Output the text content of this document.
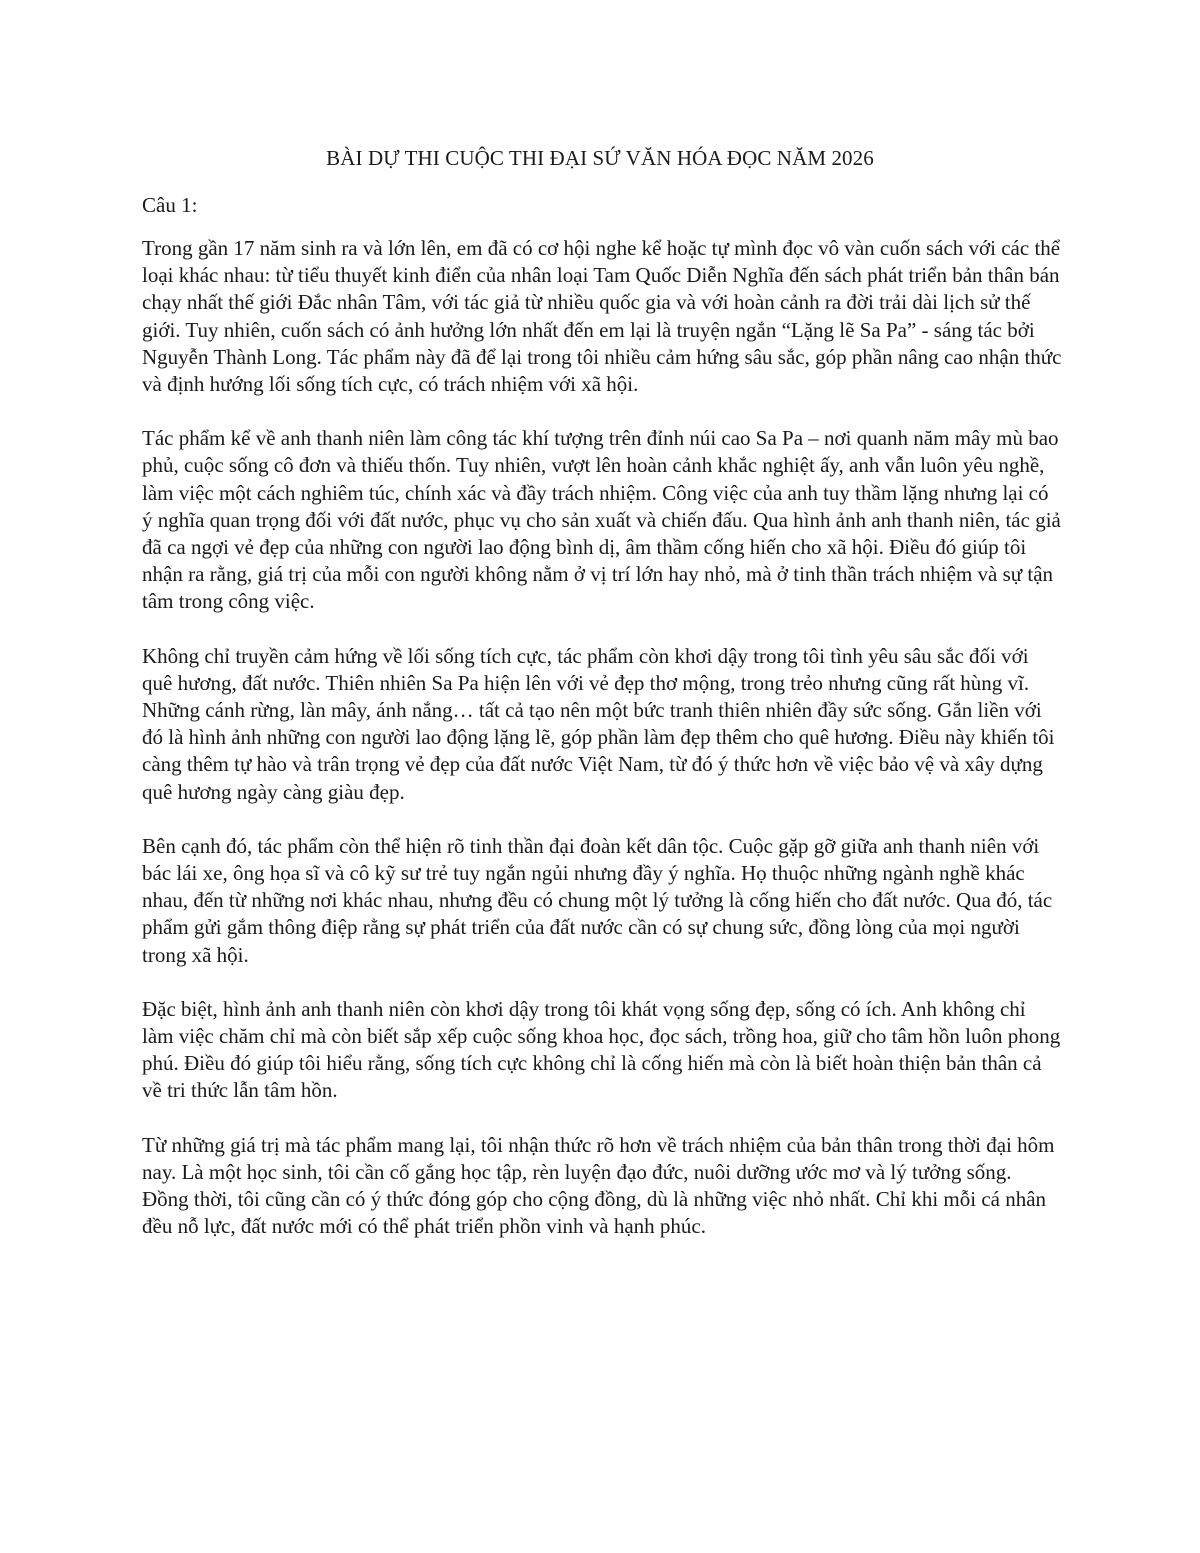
BÀI DỰ THI CUỘC THI ĐẠI SỨ VĂN HÓA ĐỌC NĂM 2026
Câu 1:

Trong gần 17 năm sinh ra và lớn lên, em đã có cơ hội nghe kể hoặc tự mình đọc vô vàn cuốn sách với các thể loại khác nhau: từ tiểu thuyết kinh điển của nhân loại Tam Quốc Diễn Nghĩa đến sách phát triển bản thân bán chạy nhất thế giới Đắc nhân Tâm, với tác giả từ nhiều quốc gia và với hoàn cảnh ra đời trải dài lịch sử thế giới. Tuy nhiên, cuốn sách có ảnh hưởng lớn nhất đến em lại là truyện ngắn “Lặng lẽ Sa Pa” - sáng tác bởi Nguyễn Thành Long. Tác phẩm này đã để lại trong tôi nhiều cảm hứng sâu sắc, góp phần nâng cao nhận thức và định hướng lối sống tích cực, có trách nhiệm với xã hội.

Tác phẩm kể về anh thanh niên làm công tác khí tượng trên đỉnh núi cao Sa Pa – nơi quanh năm mây mù bao phủ, cuộc sống cô đơn và thiếu thốn. Tuy nhiên, vượt lên hoàn cảnh khắc nghiệt ấy, anh vẫn luôn yêu nghề, làm việc một cách nghiêm túc, chính xác và đầy trách nhiệm. Công việc của anh tuy thầm lặng nhưng lại có ý nghĩa quan trọng đối với đất nước, phục vụ cho sản xuất và chiến đấu. Qua hình ảnh anh thanh niên, tác giả đã ca ngợi vẻ đẹp của những con người lao động bình dị, âm thầm cống hiến cho xã hội. Điều đó giúp tôi nhận ra rằng, giá trị của mỗi con người không nằm ở vị trí lớn hay nhỏ, mà ở tinh thần trách nhiệm và sự tận tâm trong công việc.

Không chỉ truyền cảm hứng về lối sống tích cực, tác phẩm còn khơi dậy trong tôi tình yêu sâu sắc đối với quê hương, đất nước. Thiên nhiên Sa Pa hiện lên với vẻ đẹp thơ mộng, trong trẻo nhưng cũng rất hùng vĩ. Những cánh rừng, làn mây, ánh nắng… tất cả tạo nên một bức tranh thiên nhiên đầy sức sống. Gắn liền với đó là hình ảnh những con người lao động lặng lẽ, góp phần làm đẹp thêm cho quê hương. Điều này khiến tôi càng thêm tự hào và trân trọng vẻ đẹp của đất nước Việt Nam, từ đó ý thức hơn về việc bảo vệ và xây dựng quê hương ngày càng giàu đẹp.

Bên cạnh đó, tác phẩm còn thể hiện rõ tinh thần đại đoàn kết dân tộc. Cuộc gặp gỡ giữa anh thanh niên với bác lái xe, ông họa sĩ và cô kỹ sư trẻ tuy ngắn ngủi nhưng đầy ý nghĩa. Họ thuộc những ngành nghề khác nhau, đến từ những nơi khác nhau, nhưng đều có chung một lý tưởng là cống hiến cho đất nước. Qua đó, tác phẩm gửi gắm thông điệp rằng sự phát triển của đất nước cần có sự chung sức, đồng lòng của mọi người trong xã hội.

Đặc biệt, hình ảnh anh thanh niên còn khơi dậy trong tôi khát vọng sống đẹp, sống có ích. Anh không chỉ làm việc chăm chỉ mà còn biết sắp xếp cuộc sống khoa học, đọc sách, trồng hoa, giữ cho tâm hồn luôn phong phú. Điều đó giúp tôi hiểu rằng, sống tích cực không chỉ là cống hiến mà còn là biết hoàn thiện bản thân cả về tri thức lẫn tâm hồn.

Từ những giá trị mà tác phẩm mang lại, tôi nhận thức rõ hơn về trách nhiệm của bản thân trong thời đại hôm nay. Là một học sinh, tôi cần cố gắng học tập, rèn luyện đạo đức, nuôi dưỡng ước mơ và lý tưởng sống. Đồng thời, tôi cũng cần có ý thức đóng góp cho cộng đồng, dù là những việc nhỏ nhất. Chỉ khi mỗi cá nhân đều nỗ lực, đất nước mới có thể phát triển phồn vinh và hạnh phúc.
